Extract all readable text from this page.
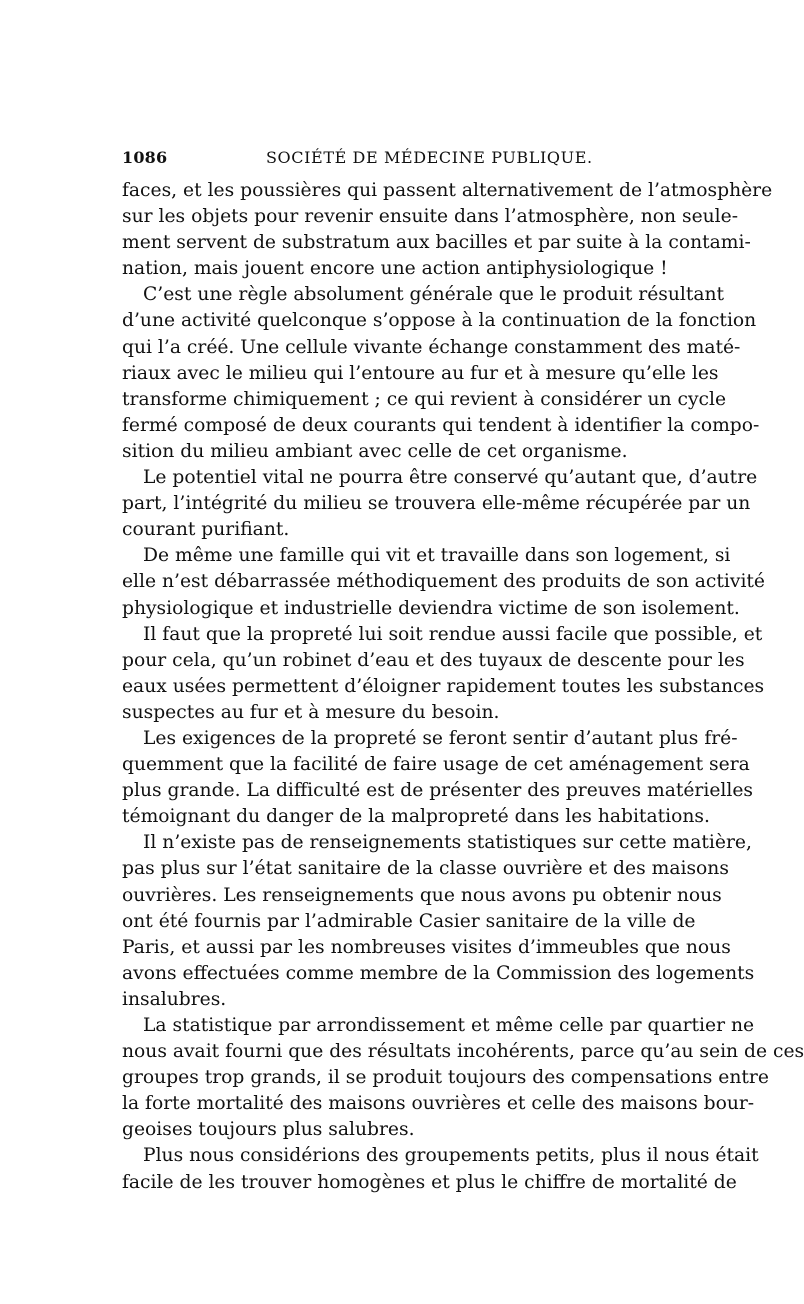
1086	SOCIÉTÉ DE MÉDECINE PUBLIQUE.
faces, et les poussières qui passent alternativement de l’atmosphère
sur les objets pour revenir ensuite dans l’atmosphère, non seule-
ment servent de substratum aux bacilles et par suite à la contami-
nation, mais jouent encore une action antiphysiologique !
C’est une règle absolument générale que le produit résultant
d’une activité quelconque s’oppose à la continuation de la fonction
qui l’a créé. Une cellule vivante échange constamment des maté-
riaux avec le milieu qui l’entoure au fur et à mesure qu’elle les
transforme chimiquement ; ce qui revient à considérer un cycle
fermé composé de deux courants qui tendent à identifier la compo-
sition du milieu ambiant avec celle de cet organisme.
Le potentiel vital ne pourra être conservé qu’autant que, d’autre
part, l’intégrité du milieu se trouvera elle-même récupérée par un
courant purifiant.
De même une famille qui vit et travaille dans son logement, si
elle n’est débarrassée méthodiquement des produits de son activité
physiologique et industrielle deviendra victime de son isolement.
Il faut que la propreté lui soit rendue aussi facile que possible, et
pour cela, qu’un robinet d’eau et des tuyaux de descente pour les
eaux usées permettent d’éloigner rapidement toutes les substances
suspectes au fur et à mesure du besoin.
Les exigences de la propreté se feront sentir d’autant plus fré-
quemment que la facilité de faire usage de cet aménagement sera
plus grande. La difficulté est de présenter des preuves matérielles
témoignant du danger de la malpropreté dans les habitations.
Il n’existe pas de renseignements statistiques sur cette matière,
pas plus sur l’état sanitaire de la classe ouvrière et des maisons
ouvrières. Les renseignements que nous avons pu obtenir nous
ont été fournis par l’admirable Casier sanitaire de la ville de
Paris, et aussi par les nombreuses visites d’immeubles que nous
avons effectuées comme membre de la Commission des logements
insalubres.
La statistique par arrondissement et même celle par quartier ne
nous avait fourni que des résultats incohérents, parce qu’au sein de ces
groupes trop grands, il se produit toujours des compensations entre
la forte mortalité des maisons ouvrières et celle des maisons bour-
geoises toujours plus salubres.
Plus nous considérions des groupements petits, plus il nous était
facile de les trouver homogènes et plus le chiffre de mortalité de
